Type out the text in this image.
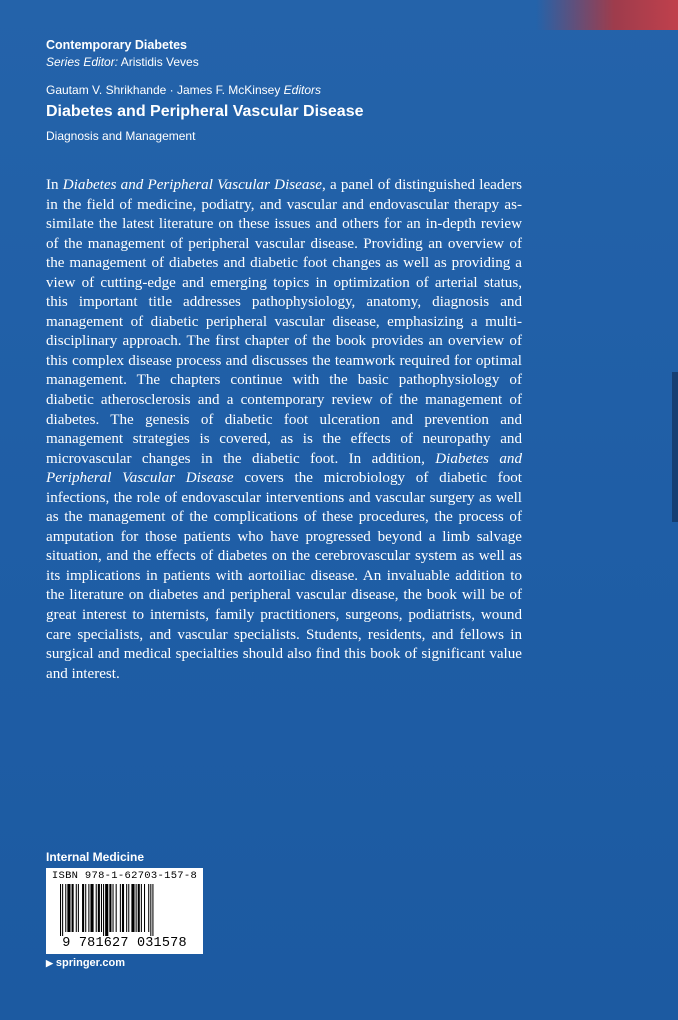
Contemporary Diabetes
Series Editor: Aristidis Veves
Gautam V. Shrikhande · James F. McKinsey Editors
Diabetes and Peripheral Vascular Disease
Diagnosis and Management

In Diabetes and Peripheral Vascular Disease, a panel of distinguished leaders in the field of medicine, podiatry, and vascular and endovascular therapy assimilate the latest literature on these issues and others for an in-depth review of the management of peripheral vascular disease. Providing an overview of the management of diabetes and diabetic foot changes as well as providing a view of cutting-edge and emerging topics in optimization of arterial status, this important title addresses pathophysiology, anatomy, diagnosis and management of diabetic peripheral vascular disease, emphasizing a multi-disciplinary approach. The first chapter of the book provides an overview of this complex disease process and discusses the teamwork required for optimal management. The chapters continue with the basic pathophysiology of diabetic atherosclerosis and a contemporary review of the management of diabetes. The genesis of diabetic foot ulceration and prevention and management strategies is covered, as is the effects of neuropathy and microvascular changes in the diabetic foot. In addition, Diabetes and Peripheral Vascular Disease covers the microbiology of diabetic foot infections, the role of endovascular interventions and vascular surgery as well as the management of the complications of these procedures, the process of amputation for those patients who have progressed beyond a limb salvage situation, and the effects of diabetes on the cerebrovascular system as well as its implications in patients with aortoiliac disease. An invaluable addition to the literature on diabetes and peripheral vascular disease, the book will be of great interest to internists, family practitioners, surgeons, podiatrists, wound care specialists, and vascular specialists. Students, residents, and fellows in surgical and medical specialties should also find this book of significant value and interest.

Internal Medicine
ISBN 978-1-62703-157-8
9 781627 031578
▶ springer.com
